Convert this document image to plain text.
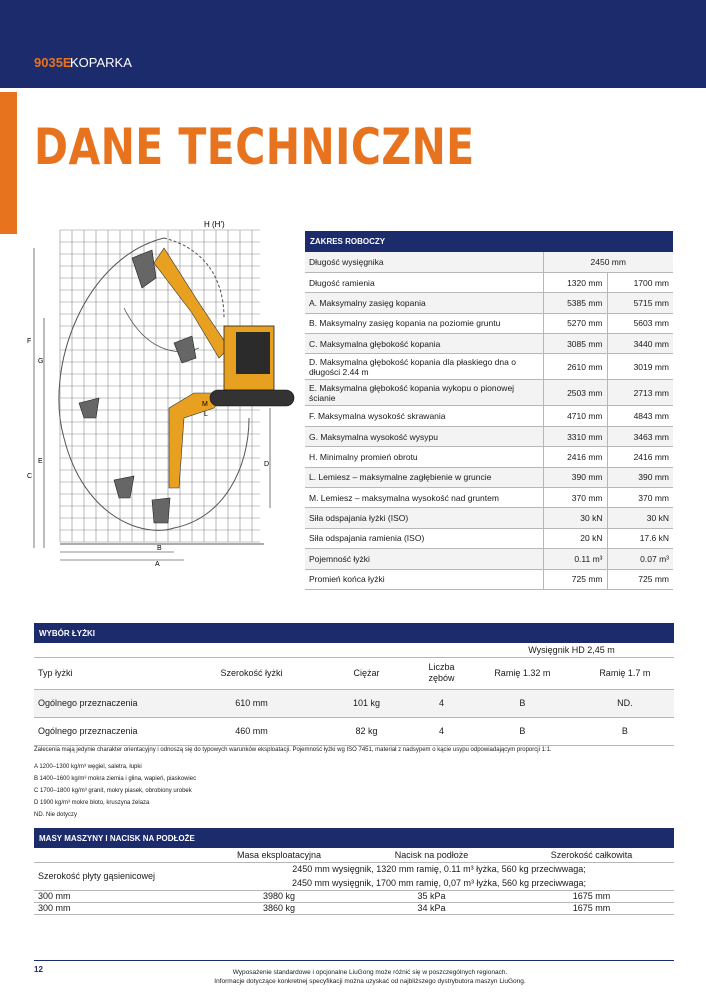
9035E
KOPARKA
DANE TECHNICZNE
H (H')
F
G
C
E	D
B
A
L
M
ZAKRES ROBOCZY
Długość wysięgnika	2450 mm	
Długość ramienia	1320 mm	1700 mm
A. Maksymalny zasięg kopania	5385 mm	5715 mm
B. Maksymalny zasięg kopania na poziomie gruntu	5270 mm	5603 mm
C. Maksymalna głębokość kopania	3085 mm	3440 mm
D. Maksymalna głębokość kopania dla płaskiego dna o długości 2.44 m	2610 mm	3019 mm
E. Maksymalna głębokość kopania wykopu o pionowej ścianie	2503 mm	2713 mm
F. Maksymalna wysokość skrawania	4710 mm	4843 mm
G. Maksymalna wysokość wysypu	3310 mm	3463 mm
H. Minimalny promień obrotu	2416 mm	2416 mm
L. Lemiesz – maksymalne zagłębienie w gruncie	390 mm	390 mm
M. Lemiesz – maksymalna wysokość nad gruntem	370 mm	370 mm
Siła odspajania łyżki (ISO)	30 kN	30 kN
Siła odspajania ramienia (ISO)	20 kN	17.6 kN
Pojemność łyżki	0.11 m³	0.07 m³
Promień końca łyżki	725 mm	725 mm
WYBÓR ŁYŻKI
				Wysięgnik HD 2,45 m	
Typ łyżki	Szerokość łyżki	Ciężar	Liczba zębów	Ramię 1.32 m	Ramię 1.7 m
Ogólnego przeznaczenia	610 mm	101 kg	4	B	ND.
Ogólnego przeznaczenia	460 mm	82 kg	4	B	B
Zalecenia mają jedynie charakter orientacyjny i odnoszą się do typowych warunków eksploatacji. Pojemność łyżki wg ISO 7451, materiał z nadsypem o kącie usypu odpowiadającym proporcji 1:1.
A 1200–1300 kg/m³ węgiel, saletra, łupki
B 1400–1600 kg/m³ mokra ziemia i glina, wapień, piaskowiec
C 1700–1800 kg/m³ granit, mokry piasek, obrobiony urobek
D 1900 kg/m³ mokre błoto, kruszyna żelaza
ND. Nie dotyczy
MASY MASZYNY I NACISK NA PODŁOŻE
	Masa eksploatacyjna	Nacisk na podłoże	Szerokość całkowita
Szerokość płyty gąsienicowej	2450 mm wysięgnik, 1320 mm ramię, 0.11 m³ łyżka, 560 kg przeciwwaga;		
	2450 mm wysięgnik, 1700 mm ramię, 0,07 m³ łyżka, 560 kg przeciwwaga;		
300 mm	3980 kg	35 kPa	1675 mm
300 mm	3860 kg	34 kPa	1675 mm
12	Wyposażenie standardowe i opcjonalne LiuGong może różnić się w poszczególnych regionach.
Informacje dotyczące konkretnej specyfikacji można uzyskać od najbliższego dystrybutora maszyn LiuGong.
